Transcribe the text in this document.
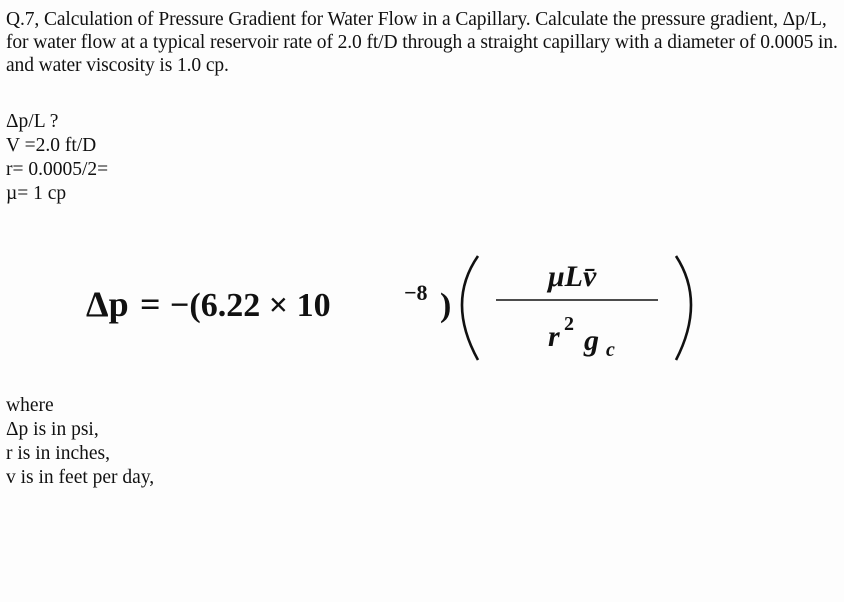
Q.7, Calculation of Pressure Gradient for Water Flow in a Capillary. Calculate the pressure gradient, Δp/L, for water flow at a typical reservoir rate of 2.0 ft/D through a straight capillary with a diameter of 0.0005 in. and water viscosity is 1.0 cp.
Δp/L ?
V =2.0 ft/D
r= 0.0005/2=
µ= 1 cp
Δp = −(6.22 × 10	−8 )
μLv̄
r 2 g c
where
Δp is in psi,
r is in inches,
v is in feet per day,
